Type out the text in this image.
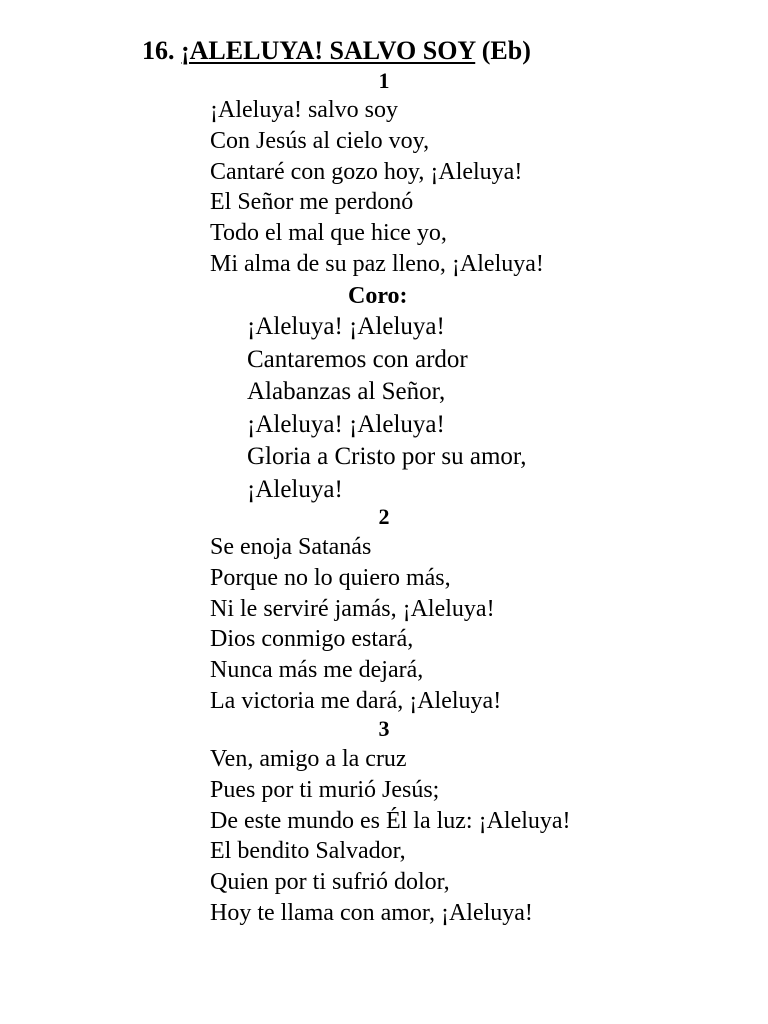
16. ¡ALELUYA! SALVO SOY (Eb)
1
¡Aleluya! salvo soy
Con Jesús al cielo voy,
Cantaré con gozo hoy, ¡Aleluya!
El Señor me perdonó
Todo el mal que hice yo,
Mi alma de su paz lleno, ¡Aleluya!
Coro:
¡Aleluya! ¡Aleluya!
Cantaremos con ardor
Alabanzas al Señor,
¡Aleluya! ¡Aleluya!
Gloria a Cristo por su amor,
¡Aleluya!
2
Se enoja Satanás
Porque no lo quiero más,
Ni le serviré jamás, ¡Aleluya!
Dios conmigo estará,
Nunca más me dejará,
La victoria me dará, ¡Aleluya!
3
Ven, amigo a la cruz
Pues por ti murió Jesús;
De este mundo es Él la luz: ¡Aleluya!
El bendito Salvador,
Quien por ti sufrió dolor,
Hoy te llama con amor, ¡Aleluya!
